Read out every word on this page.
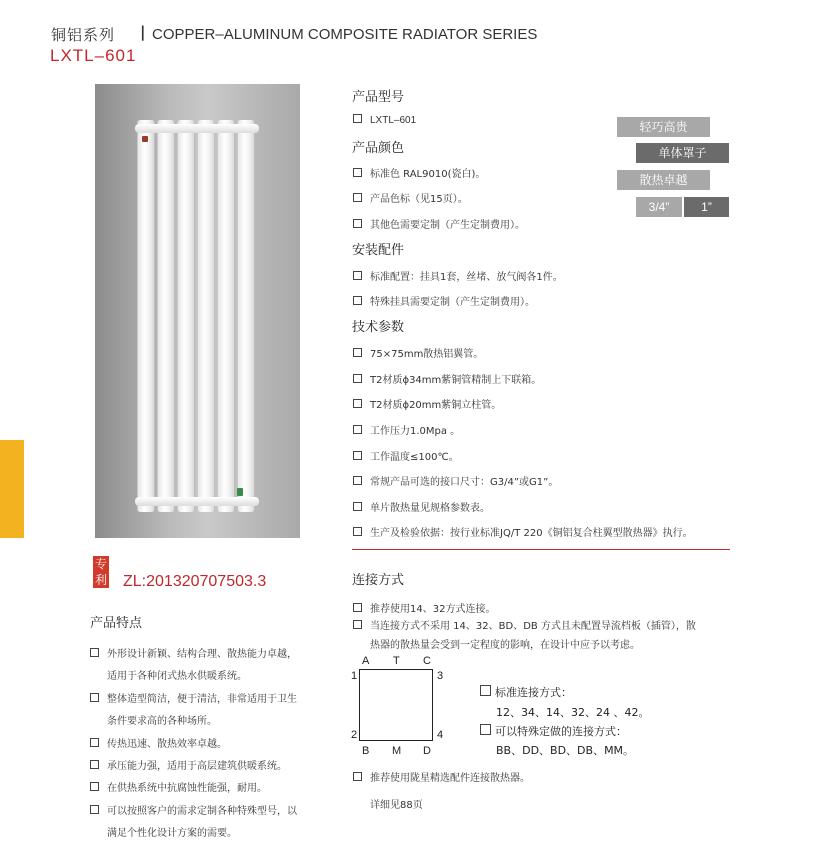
铜铝系列 | COPPER–ALUMINUM COMPOSITE RADIATOR SERIES
LXTL–601
专
利 ZL:201320707503.3
产品特点
外形设计新颖、结构合理、散热能力卓越，
适用于各种闭式热水供暖系统。
整体造型简洁，便于清洁，非常适用于卫生
条件要求高的各种场所。
传热迅速、散热效率卓越。
承压能力强，适用于高层建筑供暖系统。
在供热系统中抗腐蚀性能强，耐用。
可以按照客户的需求定制各种特殊型号，以
满足个性化设计方案的需要。
产品型号
LXTL–601
产品颜色
标准色 RAL9010(瓷白)。
产品色标（见15页）。
其他色需要定制（产生定制费用）。
安装配件
标准配置：挂具1套，丝堵、放气阀各1件。
特殊挂具需要定制（产生定制费用）。
技术参数
75×75mm散热铝翼管。
T2材质ϕ34mm紫铜管精制上下联箱。
T2材质ϕ20mm紫铜立柱管。
工作压力1.0Mpa 。
工作温度≤100℃。
常规产品可选的接口尺寸：G3/4”或G1”。
单片散热量见规格参数表。
生产及检验依据：按行业标准JQ/T 220《铜铝复合柱翼型散热器》执行。
轻巧高贵
单体罩子
散热卓越
3/4”	1”
连接方式
推荐使用14、32方式连接。
当连接方式不采用 14、32、BD、DB 方式且未配置导流档板（插管），散
热器的散热量会受到一定程度的影响，在设计中应予以考虑。
A T C
1	3
2	4
B M D
标准连接方式：
12、34、14、32、24 、42。
可以特殊定做的连接方式：
BB、DD、BD、DB、MM。
推荐使用陇星精选配件连接散热器。
详细见88页
